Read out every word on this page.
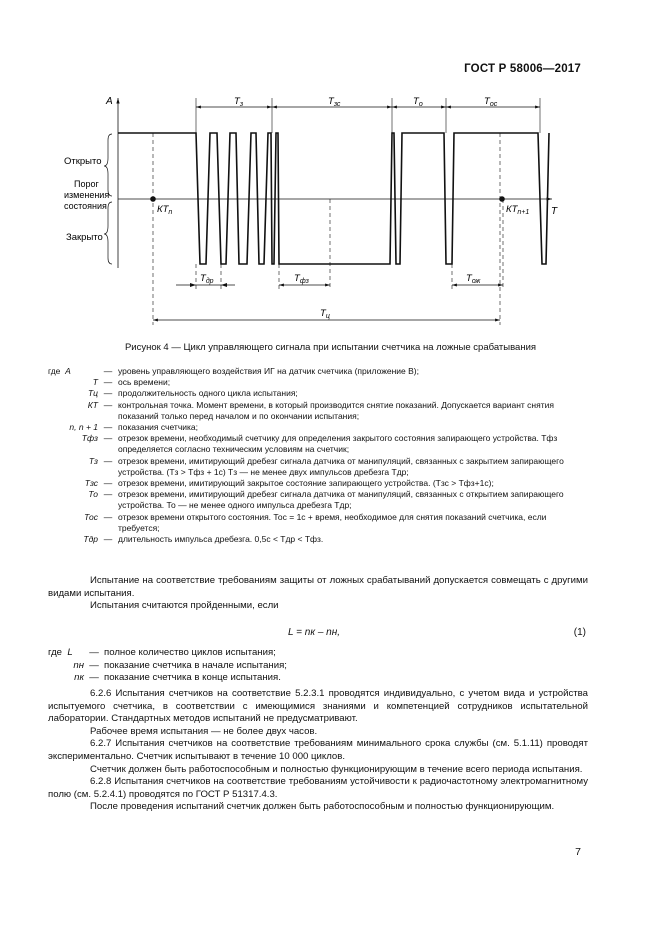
ГОСТ Р 58006—2017
А
Т
Открыто
Порог
изменения
состояния
Закрыто
$Т_з$	$Т_{зс}$	$Т_о$	$Т_{ос}$
$КТ_n$	$КТ_{n+1}$
$Т_{др}$	$Т_{фз}$	$Т_{ож}$
$Т_ц$
Рисунок 4 — Цикл управляющего сигнала при испытании счетчика на ложные срабатывания
где А	— уровень управляющего воздействия ИГ на датчик счетчика (приложение В);
Т — ось времени;
Тц — продолжительность одного цикла испытания;
КТ — контрольная точка. Момент времени, в который производится снятие показаний. Допускается вариант снятия показаний только перед началом и по окончании испытания;
n, n + 1 — показания счетчика;
Тфз — отрезок времени, необходимый счетчику для определения закрытого состояния запирающего устройства. Тфз определяется согласно техническим условиям на счетчик;
Тз — отрезок времени, имитирующий дребезг сигнала датчика от манипуляций, связанных с закрытием запирающего устройства. (Тз > Тфз + 1с) Тз — не менее двух импульсов дребезга Тдр;
Тзс — отрезок времени, имитирующий закрытое состояние запирающего устройства. (Тзс > Тфз+1с);
То — отрезок времени, имитирующий дребезг сигнала датчика от манипуляций, связанных с открытием запирающего устройства. То — не менее одного импульса дребезга Тдр;
Тос — отрезок времени открытого состояния. Тос = 1с + время, необходимое для снятия показаний счетчика, если требуется;
Тдр — длительность импульса дребезга. 0,5с < Тдр < Тфз.

Испытание на соответствие требованиям защиты от ложных срабатываний допускается совмещать с другими видами испытания.

Испытания считаются пройденными, если

L = nк – nн,	(1)
где L	— полное количество циклов испытания;
nн — показание счетчика в начале испытания;
nк — показание счетчика в конце испытания.

6.2.6 Испытания счетчиков на соответствие 5.2.3.1 проводятся индивидуально, с учетом вида и устройства испытуемого счетчика, в соответствии с имеющимися знаниями и компетенцией сотрудников испытательной лаборатории. Стандартных методов испытаний не предусматривают.

Рабочее время испытания — не более двух часов.

6.2.7 Испытания счетчиков на соответствие требованиям минимального срока службы (см. 5.1.11) проводят экспериментально. Счетчик испытывают в течение 10 000 циклов.

Счетчик должен быть работоспособным и полностью функционирующим в течение всего периода испытания.

6.2.8 Испытания счетчиков на соответствие требованиям устойчивости к радиочастотному электромагнитному полю (см. 5.2.4.1) проводятся по ГОСТ Р 51317.4.3.

После проведения испытаний счетчик должен быть работоспособным и полностью функционирующим.

7
